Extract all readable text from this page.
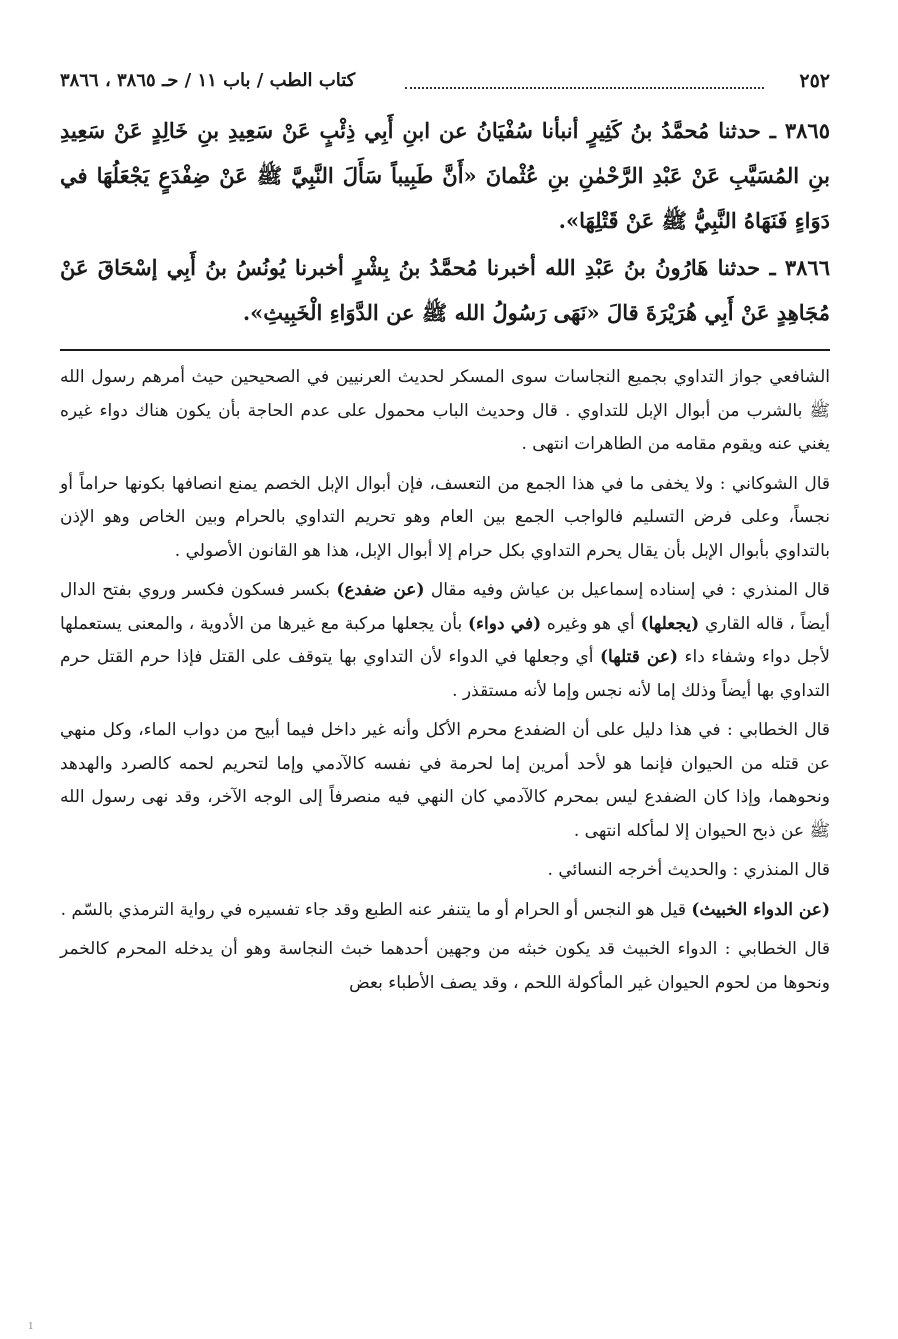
٢٥٢
كتاب الطب / باب ١١ / حـ ٣٨٦٥ ، ٣٨٦٦

٣٨٦٥ ـ حدثنا مُحمَّدُ بنُ كَثِيرٍ أنبأنا سُفْيَانُ عن ابنِ أَبِي ذِئْبٍ عَنْ سَعِيدِ بنِ خَالِدٍ عَنْ سَعِيدِ بنِ المُسَيَّبِ عَنْ عَبْدِ الرَّحْمٰنِ بنِ عُثْمانَ «أَنَّ طَبِيباً سَأَلَ النَّبِيَّ ﷺ عَنْ ضِفْدَعٍ يَجْعَلُهَا في دَوَاءٍ فَنَهَاهُ النَّبِيُّ ﷺ عَنْ قَتْلِهَا».

٣٨٦٦ ـ حدثنا هَارُونُ بنُ عَبْدِ الله أخبرنا مُحمَّدُ بنُ بِشْرٍ أخبرنا يُونُسُ بنُ أَبِي إسْحَاقَ عَنْ مُجَاهِدٍ عَنْ أَبِي هُرَيْرَةَ قالَ «نَهَى رَسُولُ الله ﷺ عن الدَّوَاءِ الْخَبِيثِ».

الشافعي جواز التداوي بجميع النجاسات سوى المسكر لحديث العرنيين في الصحيحين حيث أمرهم رسول الله ﷺ بالشرب من أبوال الإبل للتداوي . قال وحديث الباب محمول على عدم الحاجة بأن يكون هناك دواء غيره يغني عنه ويقوم مقامه من الطاهرات انتهى .

قال الشوكاني : ولا يخفى ما في هذا الجمع من التعسف، فإن أبوال الإبل الخصم يمنع انصافها بكونها حراماً أو نجساً، وعلى فرض التسليم فالواجب الجمع بين العام وهو تحريم التداوي بالحرام وبين الخاص وهو الإذن بالتداوي بأبوال الإبل بأن يقال يحرم التداوي بكل حرام إلا أبوال الإبل، هذا هو القانون الأصولي .

قال المنذري : في إسناده إسماعيل بن عياش وفيه مقال (عن ضفدع) بكسر فسكون فكسر وروي بفتح الدال أيضاً ، قاله القاري (يجعلها) أي هو وغيره (في دواء) بأن يجعلها مركبة مع غيرها من الأدوية ، والمعنى يستعملها لأجل دواء وشفاء داء (عن قتلها) أي وجعلها في الدواء لأن التداوي بها يتوقف على القتل فإذا حرم القتل حرم التداوي بها أيضاً وذلك إما لأنه نجس وإما لأنه مستقذر .

قال الخطابي : في هذا دليل على أن الضفدع محرم الأكل وأنه غير داخل فيما أبيح من دواب الماء، وكل منهي عن قتله من الحيوان فإنما هو لأحد أمرين إما لحرمة في نفسه كالآدمي وإما لتحريم لحمه كالصرد والهدهد ونحوهما، وإذا كان الضفدع ليس بمحرم كالآدمي كان النهي فيه منصرفاً إلى الوجه الآخر، وقد نهى رسول الله ﷺ عن ذبح الحيوان إلا لمأكله انتهى .

قال المنذري : والحديث أخرجه النسائي .

(عن الدواء الخبيث) قيل هو النجس أو الحرام أو ما يتنفر عنه الطبع وقد جاء تفسيره في رواية الترمذي بالسّم .

قال الخطابي : الدواء الخبيث قد يكون خبثه من وجهين أحدهما خبث النجاسة وهو أن يدخله المحرم كالخمر ونحوها من لحوم الحيوان غير المأكولة اللحم ، وقد يصف الأطباء بعض

1
